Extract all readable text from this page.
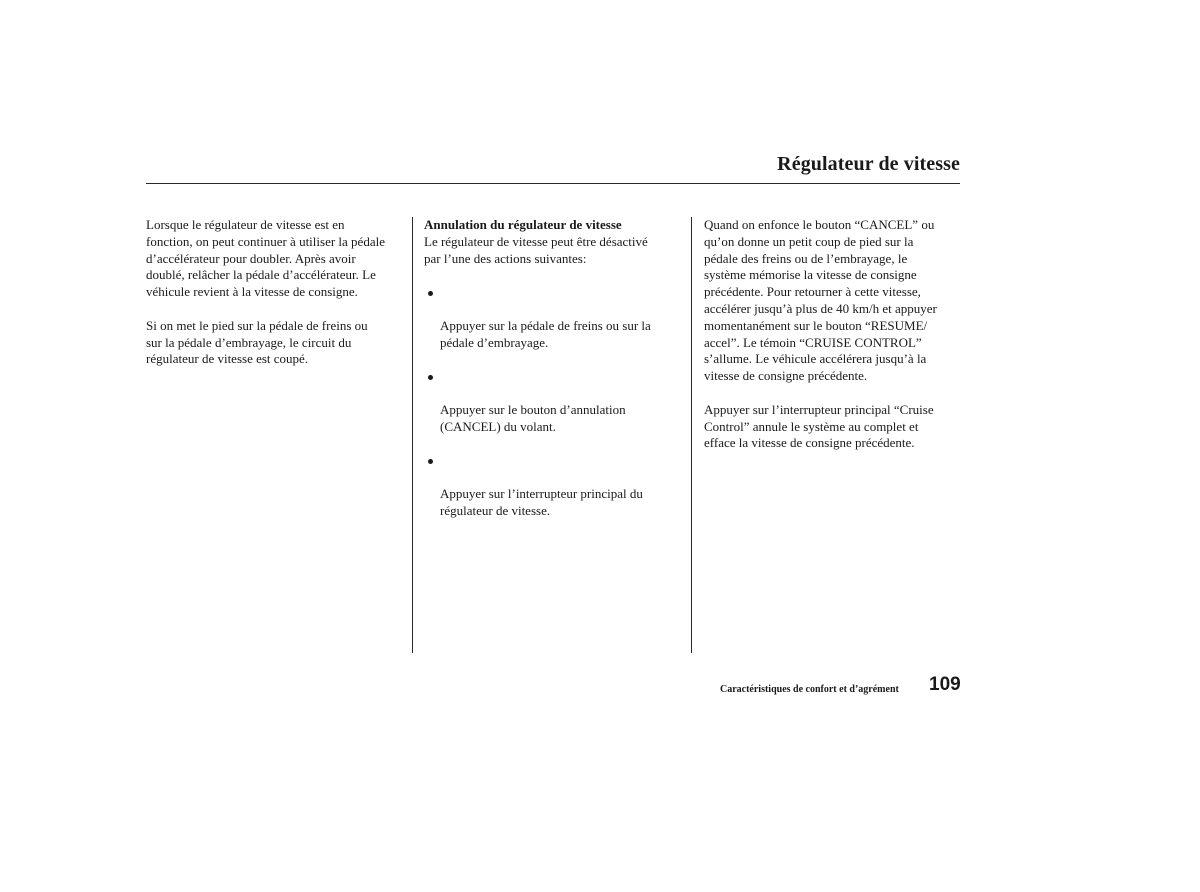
Régulateur de vitesse

Lorsque le régulateur de vitesse est en
fonction, on peut continuer à utiliser la pédale
d’accélérateur pour doubler. Après avoir
doublé, relâcher la pédale d’accélérateur. Le
véhicule revient à la vitesse de consigne.

Si on met le pied sur la pédale de freins ou
sur la pédale d’embrayage, le circuit du
régulateur de vitesse est coupé.

Annulation du régulateur de vitesse

Le régulateur de vitesse peut être désactivé
par l’une des actions suivantes:

Appuyer sur la pédale de freins ou sur la
pédale d’embrayage.

Appuyer sur le bouton d’annulation
(CANCEL) du volant.

Appuyer sur l’interrupteur principal du
régulateur de vitesse.

Quand on enfonce le bouton “CANCEL” ou
qu’on donne un petit coup de pied sur la
pédale des freins ou de l’embrayage, le
système mémorise la vitesse de consigne
précédente. Pour retourner à cette vitesse,
accélérer jusqu’à plus de 40 km/h et appuyer
momentanément sur le bouton “RESUME/
accel”. Le témoin “CRUISE CONTROL”
s’allume. Le véhicule accélérera jusqu’à la
vitesse de consigne précédente.

Appuyer sur l’interrupteur principal “Cruise
Control” annule le système au complet et
efface la vitesse de consigne précédente.

Caractéristiques de confort et d’agrément 109
